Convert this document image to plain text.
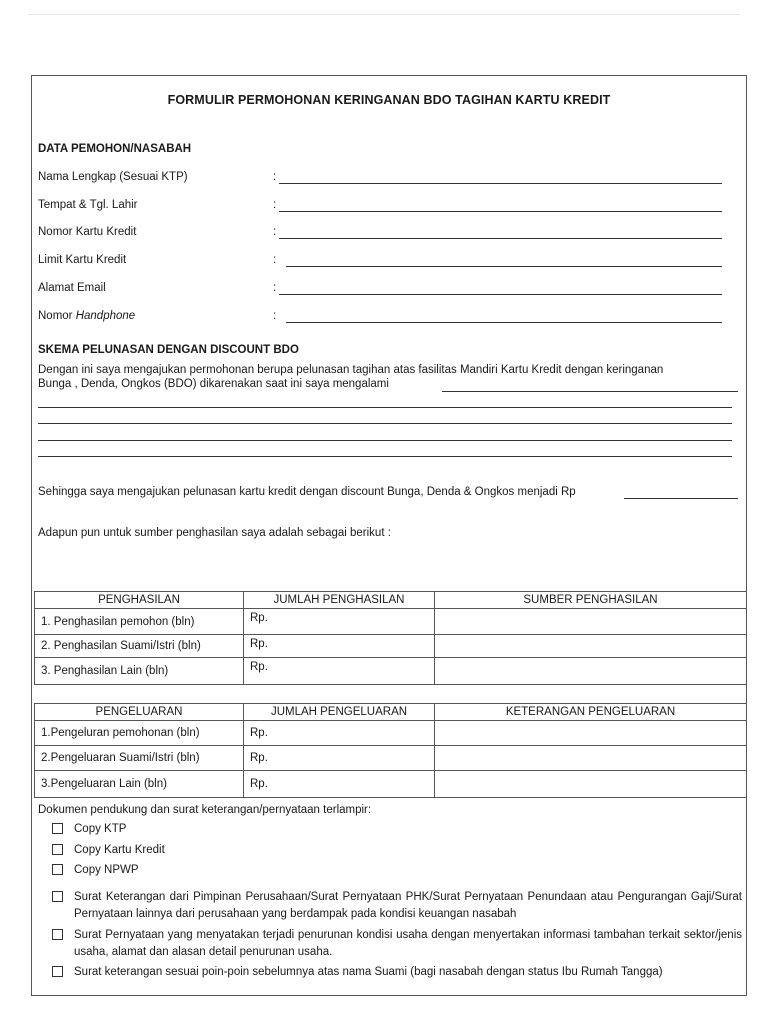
FORMULIR PERMOHONAN KERINGANAN BDO TAGIHAN KARTU KREDIT
DATA PEMOHON/NASABAH
Nama Lengkap (Sesuai KTP)	:
Tempat & Tgl. Lahir	:
Nomor Kartu Kredit	:
Limit Kartu Kredit	:
Alamat Email	:
Nomor Handphone	:
SKEMA PELUNASAN DENGAN DISCOUNT BDO
Dengan ini saya mengajukan permohonan berupa pelunasan tagihan atas fasilitas Mandiri Kartu Kredit dengan keringanan
Bunga , Denda, Ongkos (BDO) dikarenakan saat ini saya mengalami
Sehingga saya mengajukan pelunasan kartu kredit dengan discount Bunga, Denda & Ongkos menjadi Rp
Adapun pun untuk sumber penghasilan saya adalah sebagai berikut :
PENGHASILAN	JUMLAH PENGHASILAN	SUMBER PENGHASILAN
1. Penghasilan pemohon (bln)	Rp.	
2. Penghasilan Suami/Istri (bln)	Rp.	
3. Penghasilan Lain (bln)	Rp.	
PENGELUARAN	JUMLAH PENGELUARAN	KETERANGAN PENGELUARAN
1.Pengeluran pemohonan (bln)	Rp.	
2.Pengeluaran Suami/Istri (bln)	Rp.	
3.Pengeluaran Lain (bln)	Rp.	
Dokumen pendukung dan surat keterangan/pernyataan terlampir:
Copy KTP
Copy Kartu Kredit
Copy NPWP
Surat Keterangan dari Pimpinan Perusahaan/Surat Pernyataan PHK/Surat Pernyataan Penundaan atau Pengurangan Gaji/Surat Pernyataan lainnya dari perusahaan yang berdampak pada kondisi keuangan nasabah
Surat Pernyataan yang menyatakan terjadi penurunan kondisi usaha dengan menyertakan informasi tambahan terkait sektor/jenis usaha, alamat dan alasan detail penurunan usaha.
Surat keterangan sesuai poin-poin sebelumnya atas nama Suami (bagi nasabah dengan status Ibu Rumah Tangga)
